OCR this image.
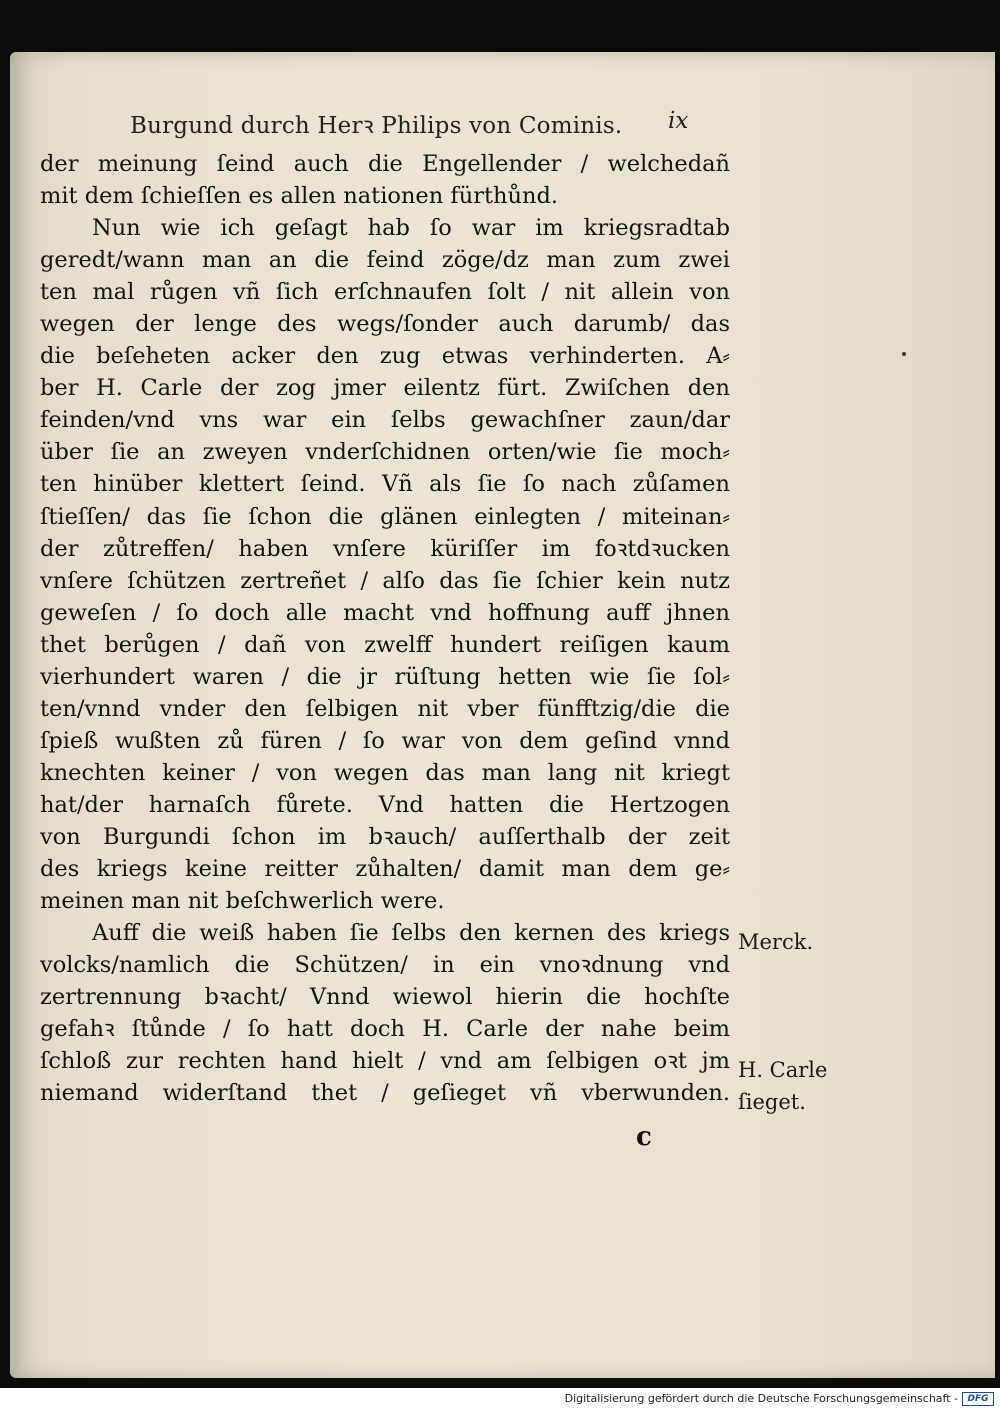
Burgund durch Herꝛ Philips von Cominis. ix
der meinung ſeind auch die Engellender / welchedañ
mit dem ſchieſſen es allen nationen fürthůnd.
Nun wie ich geſagt hab ſo war im kriegsradtab
geredt/wann man an die feind zöge/dz man zum zwei
ten mal růgen vñ ſich erſchnaufen ſolt / nit allein von
wegen der lenge des wegs/ſonder auch darumb/ das
die beſeheten acker den zug etwas verhinderten. A⸗
ber H. Carle der zog jmer eilentz fürt. Zwiſchen den
feinden/vnd vns war ein ſelbs gewachſner zaun/dar
über ſie an zweyen vnderſchidnen orten/wie ſie moch⸗
ten hinüber klettert ſeind. Vñ als ſie ſo nach zůſamen
ſtieſſen/ das ſie ſchon die glänen einlegten / miteinan⸗
der zůtreffen/ haben vnſere küriſſer im foꝛtdꝛucken
vnſere ſchützen zertreñet / alſo das ſie ſchier kein nutz
geweſen / ſo doch alle macht vnd hoffnung auff jhnen
thet berůgen / dañ von zwelff hundert reiſigen kaum
vierhundert waren / die jr rüſtung hetten wie ſie ſol⸗
ten/vnnd vnder den ſelbigen nit vber fünfftzig/die die
ſpieß wußten zů füren / ſo war von dem geſind vnnd
knechten keiner / von wegen das man lang nit kriegt
hat/der harnaſch fůrete. Vnd hatten die Hertzogen
von Burgundi ſchon im bꝛauch/ auſſerthalb der zeit
des kriegs keine reitter zůhalten/ damit man dem ge⸗
meinen man nit beſchwerlich were.
Auff die weiß haben ſie ſelbs den kernen des kriegs
volcks/namlich die Schützen/ in ein vnoꝛdnung vnd
zertrennung bꝛacht/ Vnnd wiewol hierin die hochſte
gefahꝛ ſtůnde / ſo hatt doch H. Carle der nahe beim
ſchloß zur rechten hand hielt / vnd am ſelbigen oꝛt jm
niemand widerſtand thet / geſieget vñ vberwunden.
Merck.
H. Carle
ſieget.
c
Digitalisierung gefördert durch die Deutsche Forschungsgemeinschaft -	DFG
